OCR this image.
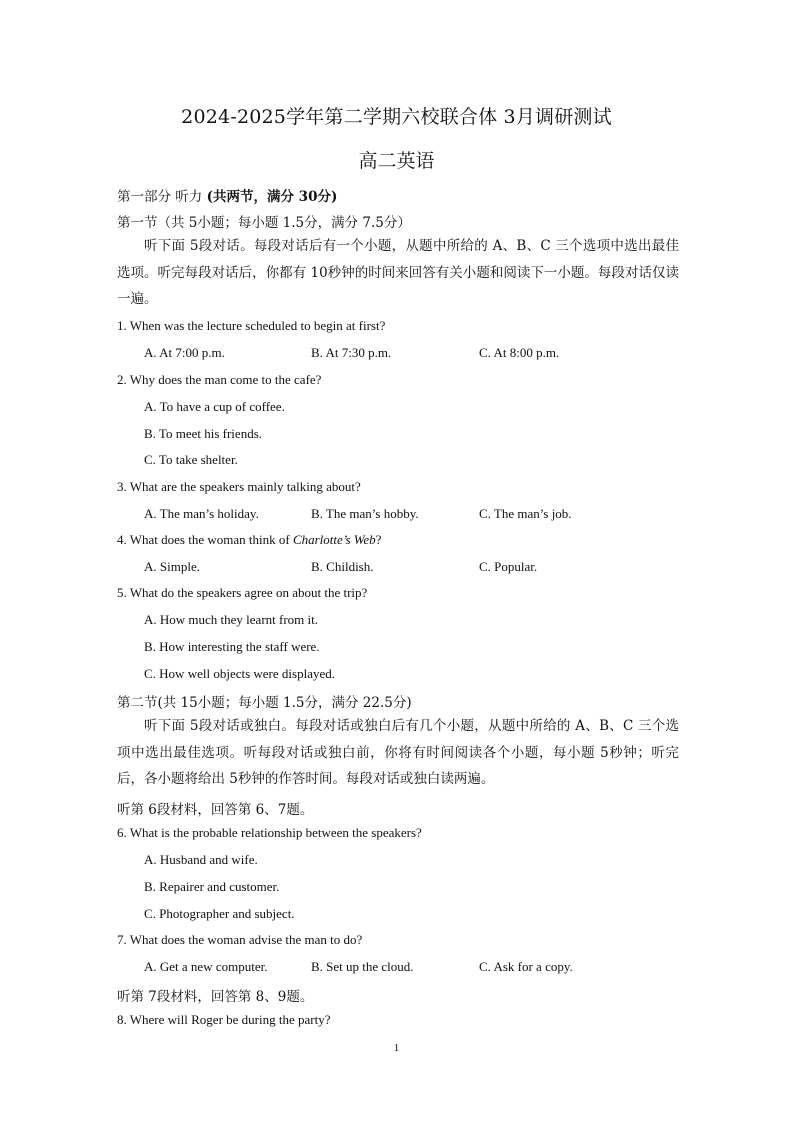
2024-2025学年第二学期六校联合体 3月调研测试
高二英语
第一部分 听力 (共两节，满分 30分)
第一节（共 5小题；每小题 1.5分，满分 7.5分）
听下面 5段对话。每段对话后有一个小题，从题中所给的 A、B、C 三个选项中选出最佳选项。听完每段对话后，你都有 10秒钟的时间来回答有关小题和阅读下一小题。每段对话仅读一遍。
1. When was the lecture scheduled to begin at first?
A. At 7:00 p.m.	B. At 7:30 p.m.	C. At 8:00 p.m.
2. Why does the man come to the cafe?
A. To have a cup of coffee.
B. To meet his friends.
C. To take shelter.
3. What are the speakers mainly talking about?
A. The man’s holiday.	B. The man’s hobby.	C. The man’s job.
4. What does the woman think of Charlotte’s Web?
A. Simple.	B. Childish.	C. Popular.
5. What do the speakers agree on about the trip?
A. How much they learnt from it.
B. How interesting the staff were.
C. How well objects were displayed.
第二节(共 15小题；每小题 1.5分，满分 22.5分)
听下面 5段对话或独白。每段对话或独白后有几个小题，从题中所给的 A、B、C 三个选项中选出最佳选项。听每段对话或独白前，你将有时间阅读各个小题，每小题 5秒钟；听完后，各小题将给出 5秒钟的作答时间。每段对话或独白读两遍。
听第 6段材料，回答第 6、7题。
6. What is the probable relationship between the speakers?
A. Husband and wife.
B. Repairer and customer.
C. Photographer and subject.
7. What does the woman advise the man to do?
A. Get a new computer.	B. Set up the cloud.	C. Ask for a copy.
听第 7段材料，回答第 8、9题。
8. Where will Roger be during the party?
1
